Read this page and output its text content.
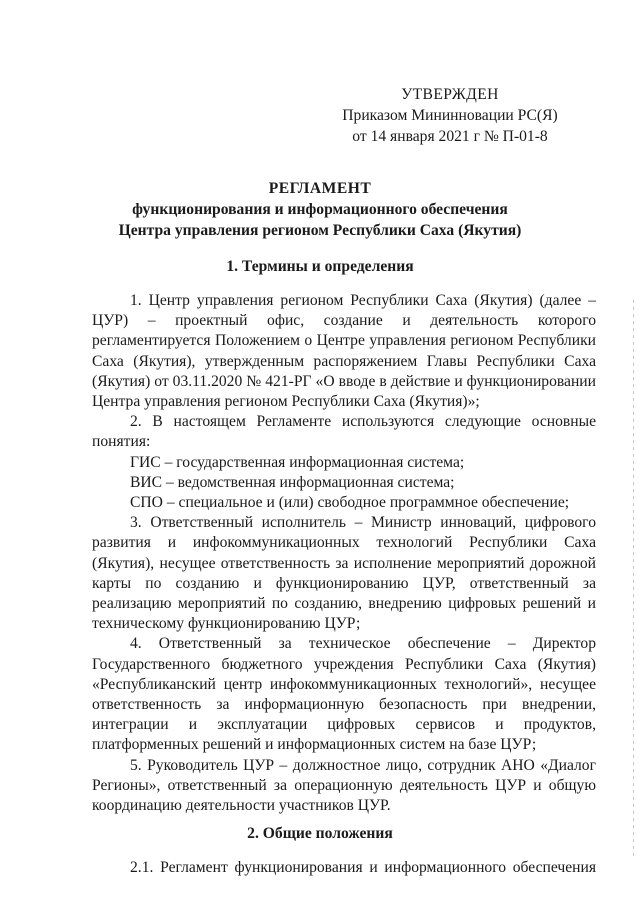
УТВЕРЖДЕН
Приказом Мининновации РС(Я)
от 14 января 2021 г № П-01-8
РЕГЛАМЕНТ
функционирования и информационного обеспечения
Центра управления регионом Республики Саха (Якутия)
1. Термины и определения

1. Центр управления регионом Республики Саха (Якутия) (далее – ЦУР) – проектный офис, создание и деятельность которого регламентируется Положением о Центре управления регионом Республики Саха (Якутия), утвержденным распоряжением Главы Республики Саха (Якутия) от 03.11.2020 № 421-РГ «О вводе в действие и функционировании Центра управления регионом Республики Саха (Якутия)»;

2. В настоящем Регламенте используются следующие основные понятия:

ГИС – государственная информационная система;

ВИС – ведомственная информационная система;

СПО – специальное и (или) свободное программное обеспечение;

3. Ответственный исполнитель – Министр инноваций, цифрового развития и инфокоммуникационных технологий Республики Саха (Якутия), несущее ответственность за исполнение мероприятий дорожной карты по созданию и функционированию ЦУР, ответственный за реализацию мероприятий по созданию, внедрению цифровых решений и техническому функционированию ЦУР;

4. Ответственный за техническое обеспечение – Директор Государственного бюджетного учреждения Республики Саха (Якутия) «Республиканский центр инфокоммуникационных технологий», несущее ответственность за информационную безопасность при внедрении, интеграции и эксплуатации цифровых сервисов и продуктов, платформенных решений и информационных систем на базе ЦУР;

5. Руководитель ЦУР – должностное лицо, сотрудник АНО «Диалог Регионы», ответственный за операционную деятельность ЦУР и общую координацию деятельности участников ЦУР.

2. Общие положения

2.1. Регламент функционирования и информационного обеспечения
